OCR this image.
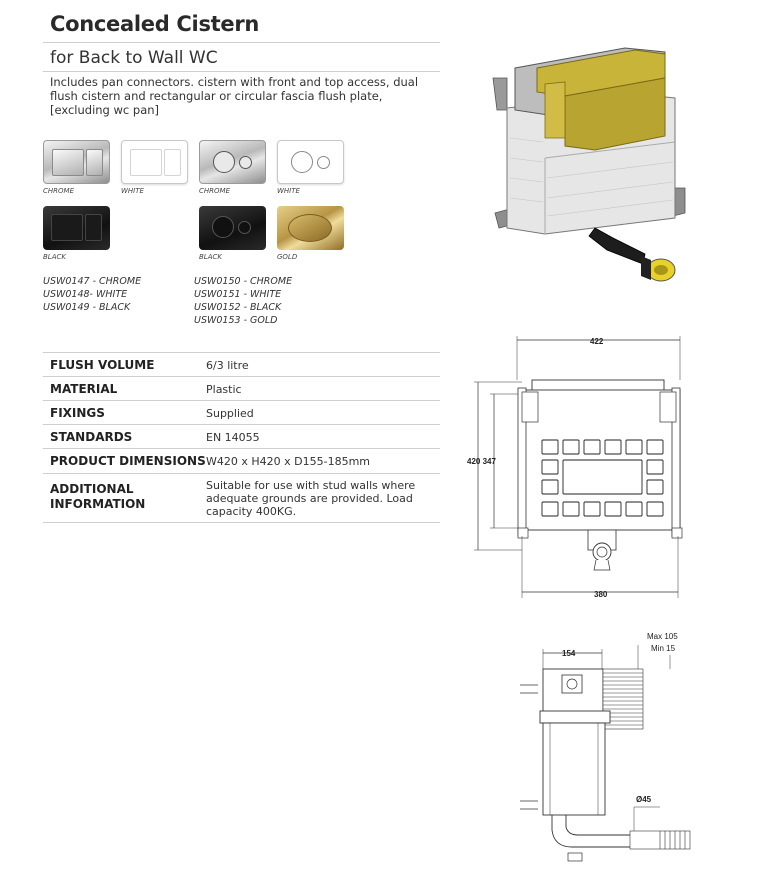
Concealed Cistern
for Back to Wall WC
Includes pan connectors. cistern with front and top access, dual flush cistern and rectangular or circular fascia flush plate, [excluding wc pan]
CHROME	WHITE	CHROME	WHITE
BLACK	BLACK	GOLD
USW0147 - CHROME
USW0148- WHITE
USW0149 - BLACK
USW0150 - CHROME
USW0151 - WHITE
USW0152 - BLACK
USW0153 - GOLD
FLUSH VOLUME	6/3 litre
MATERIAL	Plastic
FIXINGS	Supplied
STANDARDS	EN 14055
PRODUCT DIMENSIONS W420 x H420 x D155-185mm
ADDITIONAL INFORMATION
Suitable for use with stud walls where adequate grounds are provided. Load capacity 400KG.
422
420 347
380
154
Max 105
Min 15
Ø45
